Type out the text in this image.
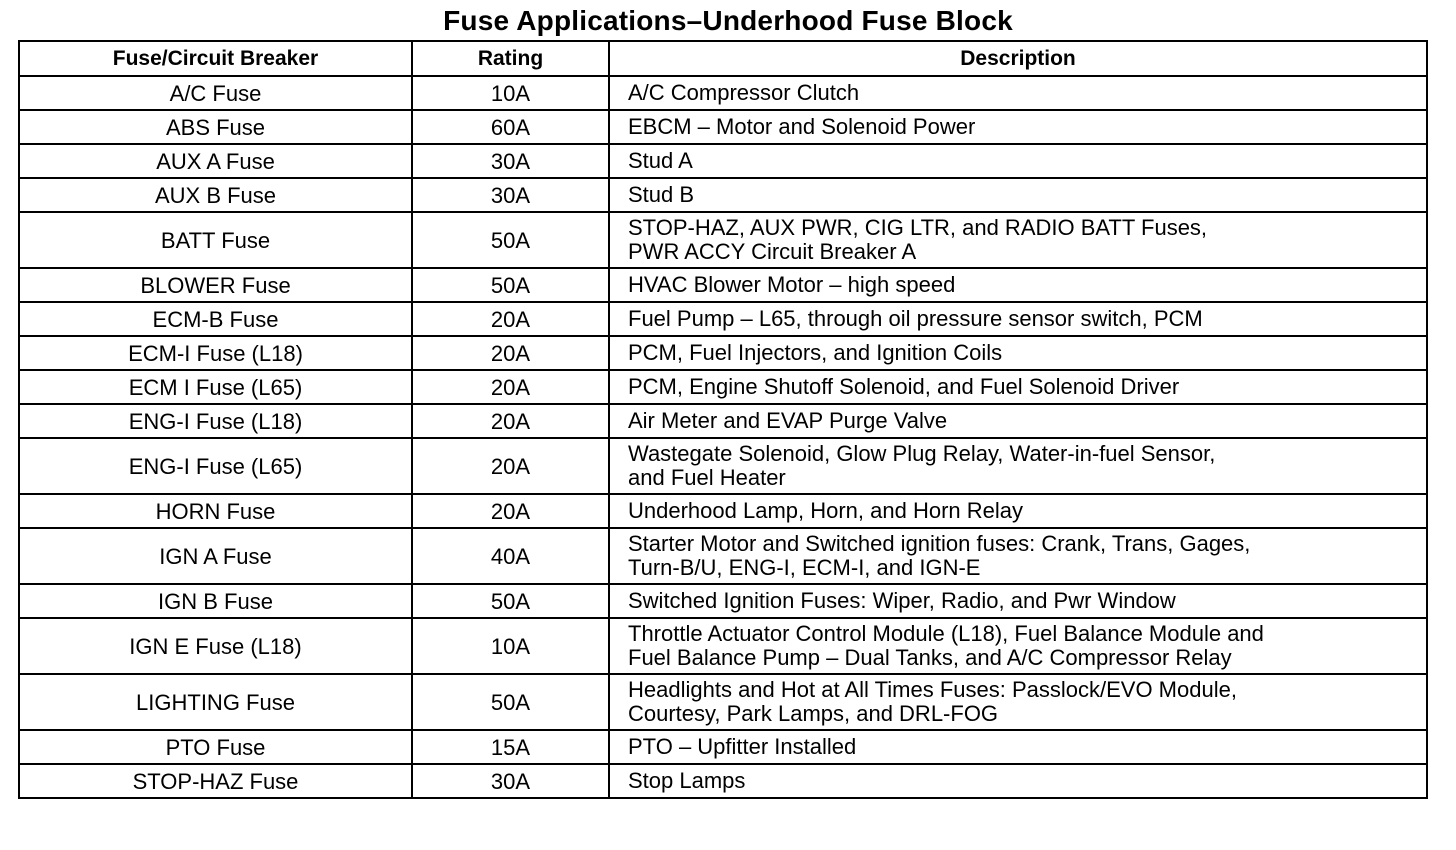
Fuse Applications–Underhood Fuse Block
Fuse/Circuit Breaker	Rating	Description
A/C Fuse	10A	A/C Compressor Clutch
ABS Fuse	60A	EBCM – Motor and Solenoid Power
AUX A Fuse	30A	Stud A
AUX B Fuse	30A	Stud B
BATT Fuse	50A	STOP-HAZ, AUX PWR, CIG LTR, and RADIO BATT Fuses,
PWR ACCY Circuit Breaker A
BLOWER Fuse	50A	HVAC Blower Motor – high speed
ECM-B Fuse	20A	Fuel Pump – L65, through oil pressure sensor switch, PCM
ECM-I Fuse (L18)	20A	PCM, Fuel Injectors, and Ignition Coils
ECM I Fuse (L65)	20A	PCM, Engine Shutoff Solenoid, and Fuel Solenoid Driver
ENG-I Fuse (L18)	20A	Air Meter and EVAP Purge Valve
ENG-I Fuse (L65)	20A	Wastegate Solenoid, Glow Plug Relay, Water-in-fuel Sensor,
and Fuel Heater
HORN Fuse	20A	Underhood Lamp, Horn, and Horn Relay
IGN A Fuse	40A	Starter Motor and Switched ignition fuses: Crank, Trans, Gages,
Turn-B/U, ENG-I, ECM-I, and IGN-E
IGN B Fuse	50A	Switched Ignition Fuses: Wiper, Radio, and Pwr Window
IGN E Fuse (L18)	10A	Throttle Actuator Control Module (L18), Fuel Balance Module and
Fuel Balance Pump – Dual Tanks, and A/C Compressor Relay
LIGHTING Fuse	50A	Headlights and Hot at All Times Fuses: Passlock/EVO Module,
Courtesy, Park Lamps, and DRL-FOG
PTO Fuse	15A	PTO – Upfitter Installed
STOP-HAZ Fuse	30A	Stop Lamps
